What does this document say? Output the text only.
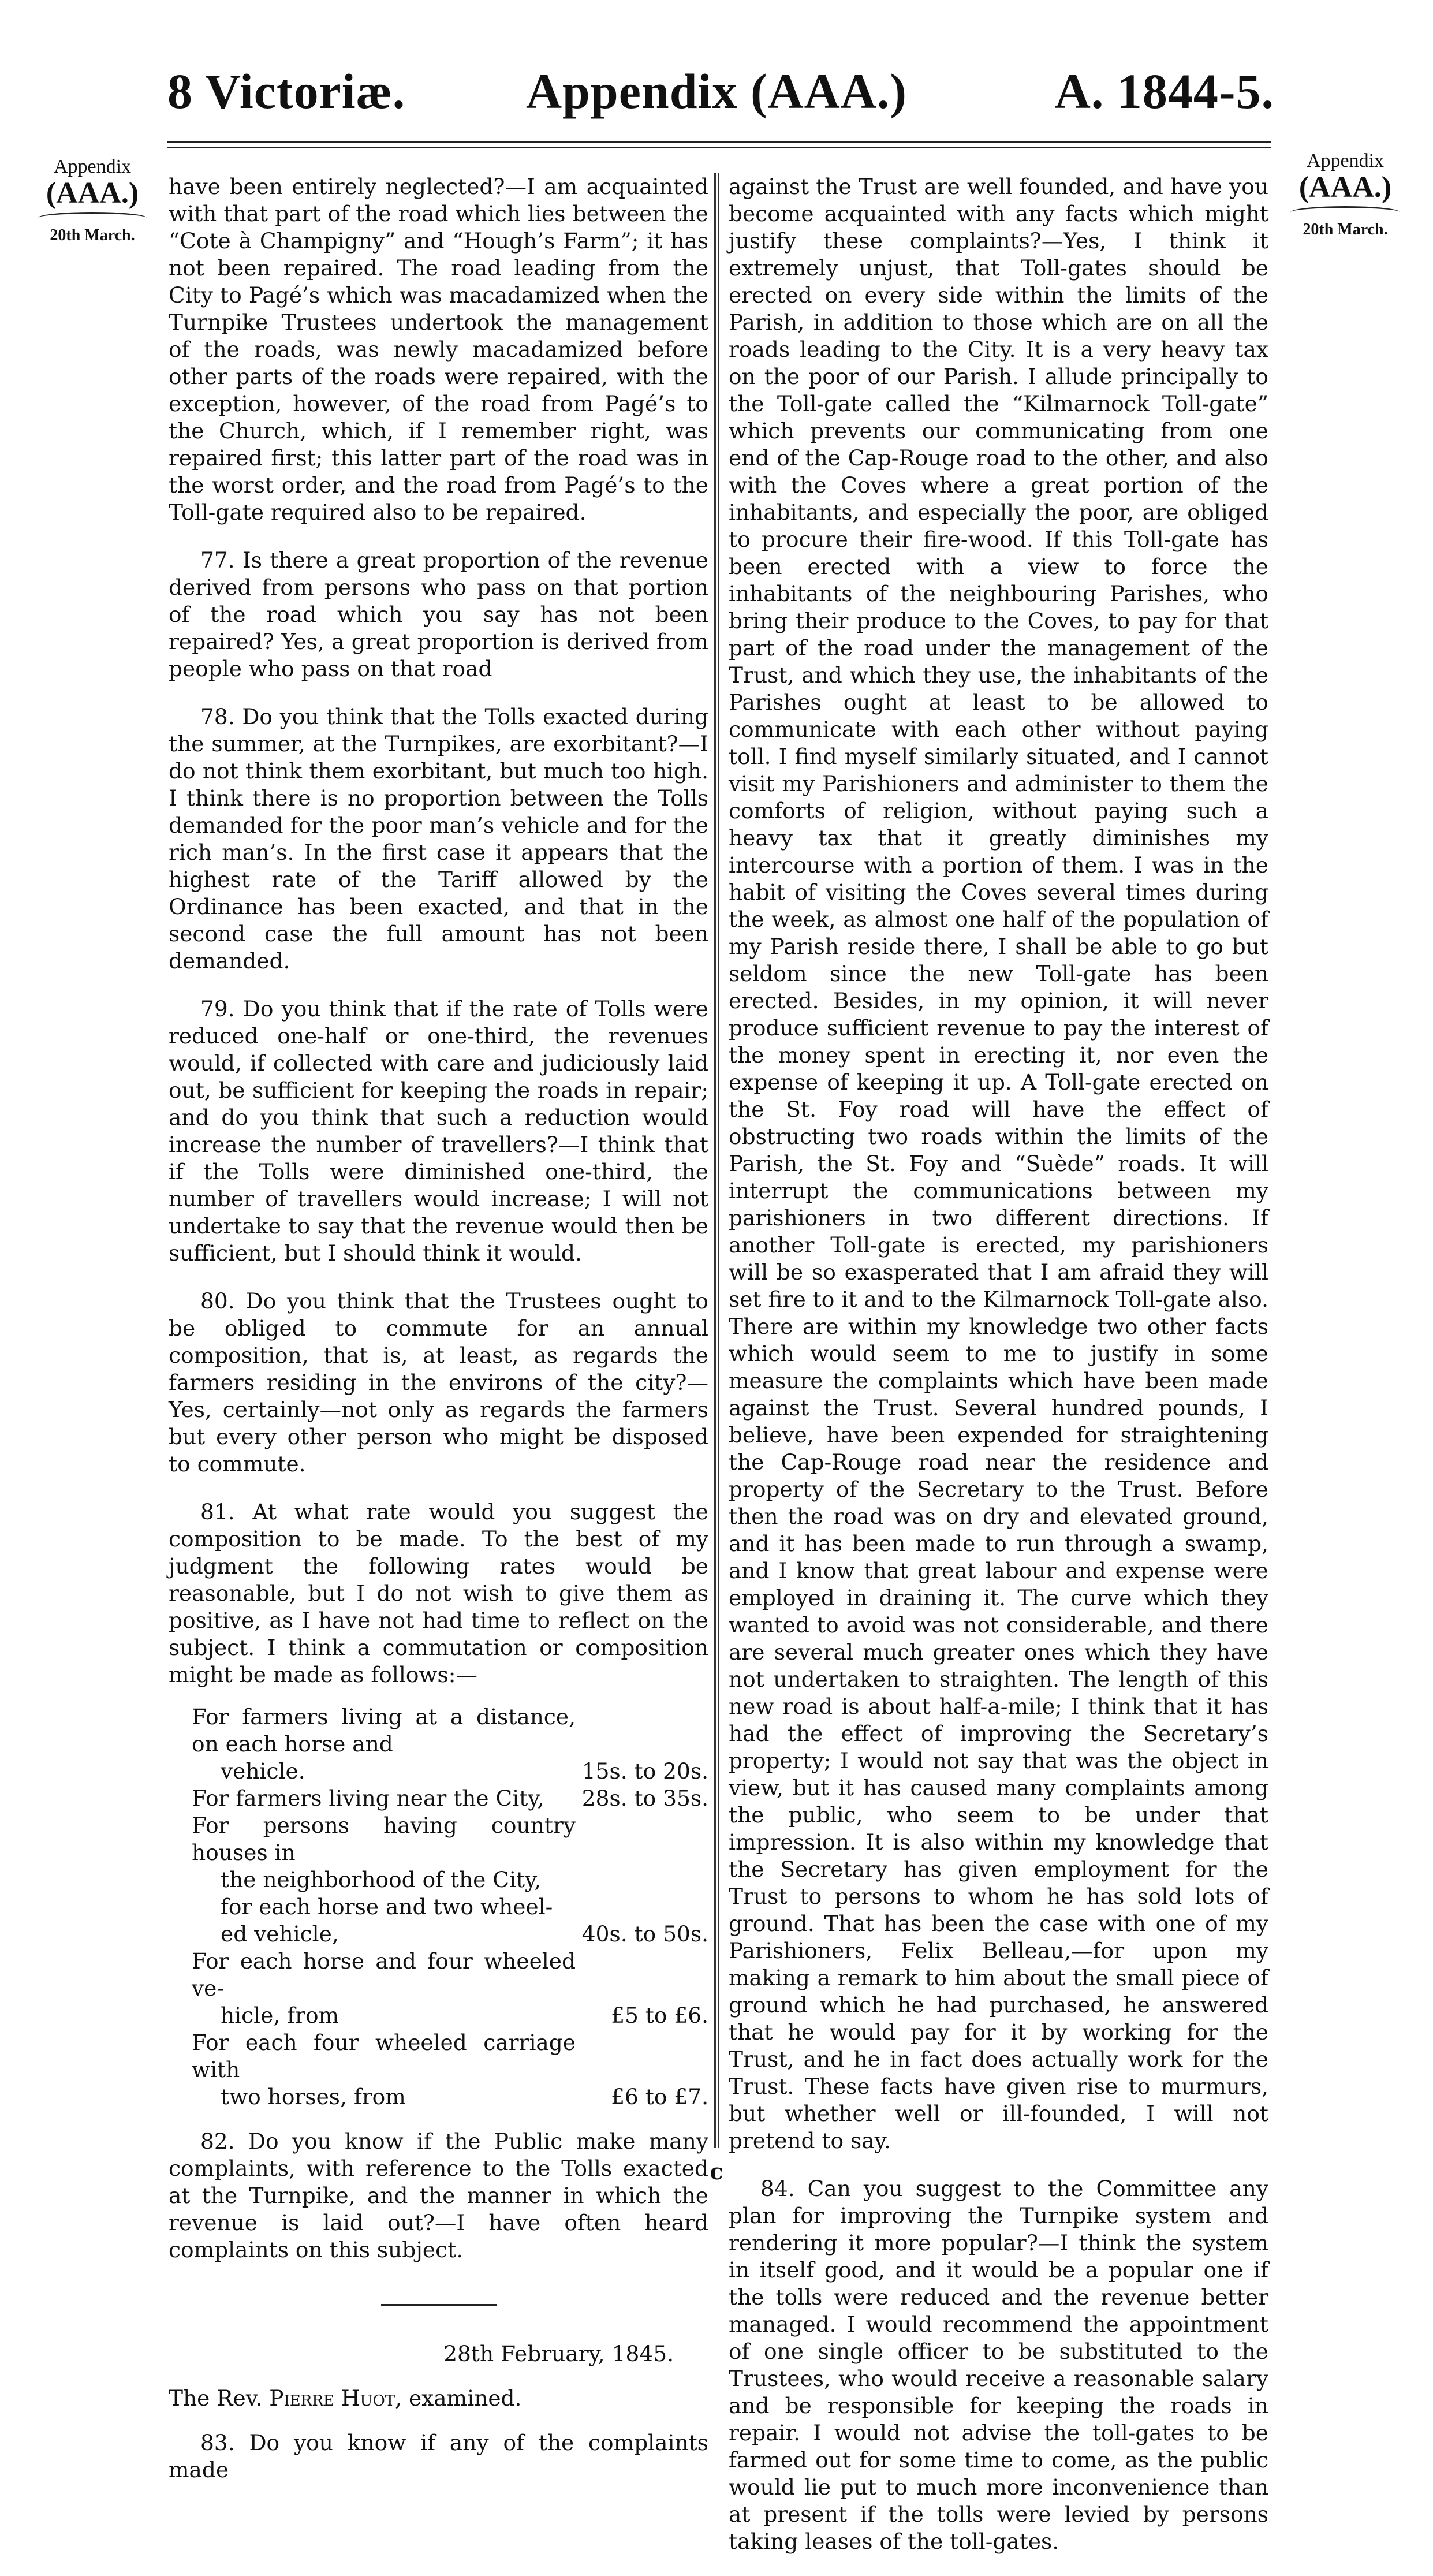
8 Victoriæ.	Appendix (AAA.)	A. 1844-5.
Appendix
(AAA.)
20th March.
Appendix
(AAA.)
20th March.

have been entirely neglected?—I am acquainted with that part of the road which lies between the “Cote à Champigny” and “Hough’s Farm”; it has not been repaired. The road leading from the City to Pagé’s which was macadamized when the Turnpike Trustees undertook the management of the roads, was newly macadamized before other parts of the roads were repaired, with the exception, however, of the road from Pagé’s to the Church, which, if I remember right, was repaired first; this latter part of the road was in the worst order, and the road from Pagé’s to the Toll-gate required also to be repaired.

77. Is there a great proportion of the revenue derived from persons who pass on that portion of the road which you say has not been repaired? Yes, a great proportion is derived from people who pass on that road

78. Do you think that the Tolls exacted during the summer, at the Turnpikes, are exorbitant?—I do not think them exorbitant, but much too high. I think there is no proportion between the Tolls demanded for the poor man’s vehicle and for the rich man’s. In the first case it appears that the highest rate of the Tariff allowed by the Ordinance has been exacted, and that in the second case the full amount has not been demanded.

79. Do you think that if the rate of Tolls were reduced one-half or one-third, the revenues would, if collected with care and judiciously laid out, be sufficient for keeping the roads in repair; and do you think that such a reduction would increase the number of travellers?—I think that if the Tolls were diminished one-third, the number of travellers would increase; I will not undertake to say that the revenue would then be sufficient, but I should think it would.

80. Do you think that the Trustees ought to be obliged to commute for an annual composition, that is, at least, as regards the farmers residing in the environs of the city?—Yes, certainly—not only as regards the farmers but every other person who might be disposed to commute.

81. At what rate would you suggest the composition to be made. To the best of my judgment the following rates would be reasonable, but I do not wish to give them as positive, as I have not had time to reflect on the subject. I think a commutation or composition might be made as follows:—

For farmers living at a distance, on each horse and
vehicle.	15s. to 20s.
For farmers living near the City,	28s. to 35s.
For persons having country houses in
the neighborhood of the City,
for each horse and two wheel-
ed vehicle,	40s. to 50s.
For each horse and four wheeled ve-
hicle, from	£5 to £6.
For each four wheeled carriage with
two horses, from	£6 to £7.

82. Do you know if the Public make many complaints, with reference to the Tolls exacted at the Turnpike, and the manner in which the revenue is laid out?—I have often heard complaints on this subject.

28th February, 1845.
The Rev. Pierre Huot, examined.

83. Do you know if any of the complaints made

against the Trust are well founded, and have you become acquainted with any facts which might justify these complaints?—Yes, I think it extremely unjust, that Toll-gates should be erected on every side within the limits of the Parish, in addition to those which are on all the roads leading to the City. It is a very heavy tax on the poor of our Parish. I allude principally to the Toll-gate called the “Kilmarnock Toll-gate” which prevents our communicating from one end of the Cap-Rouge road to the other, and also with the Coves where a great portion of the inhabitants, and especially the poor, are obliged to procure their fire-wood. If this Toll-gate has been erected with a view to force the inhabitants of the neighbouring Parishes, who bring their produce to the Coves, to pay for that part of the road under the management of the Trust, and which they use, the inhabitants of the Parishes ought at least to be allowed to communicate with each other without paying toll. I find myself similarly situated, and I cannot visit my Parishioners and administer to them the comforts of religion, without paying such a heavy tax that it greatly diminishes my intercourse with a portion of them. I was in the habit of visiting the Coves several times during the week, as almost one half of the population of my Parish reside there, I shall be able to go but seldom since the new Toll-gate has been erected. Besides, in my opinion, it will never produce sufficient revenue to pay the interest of the money spent in erecting it, nor even the expense of keeping it up. A Toll-gate erected on the St. Foy road will have the effect of obstructing two roads within the limits of the Parish, the St. Foy and “Suède” roads. It will interrupt the communications between my parishioners in two different directions. If another Toll-gate is erected, my parishioners will be so exasperated that I am afraid they will set fire to it and to the Kilmarnock Toll-gate also. There are within my knowledge two other facts which would seem to me to justify in some measure the complaints which have been made against the Trust. Several hundred pounds, I believe, have been expended for straightening the Cap-Rouge road near the residence and property of the Secretary to the Trust. Before then the road was on dry and elevated ground, and it has been made to run through a swamp, and I know that great labour and expense were employed in draining it. The curve which they wanted to avoid was not considerable, and there are several much greater ones which they have not undertaken to straighten. The length of this new road is about half-a-mile; I think that it has had the effect of improving the Secretary’s property; I would not say that was the object in view, but it has caused many complaints among the public, who seem to be under that impression. It is also within my knowledge that the Secretary has given employment for the Trust to persons to whom he has sold lots of ground. That has been the case with one of my Parishioners, Felix Belleau,—for upon my making a remark to him about the small piece of ground which he had purchased, he answered that he would pay for it by working for the Trust, and he in fact does actually work for the Trust. These facts have given rise to murmurs, but whether well or ill-founded, I will not pretend to say.

84. Can you suggest to the Committee any plan for improving the Turnpike system and rendering it more popular?—I think the system in itself good, and it would be a popular one if the tolls were reduced and the revenue better managed. I would recommend the appointment of one single officer to be substituted to the Trustees, who would receive a reasonable salary and be responsible for keeping the roads in repair. I would not advise the toll-gates to be farmed out for some time to come, as the public would lie put to much more inconvenience than at present if the tolls were levied by persons taking leases of the toll-gates.

c
